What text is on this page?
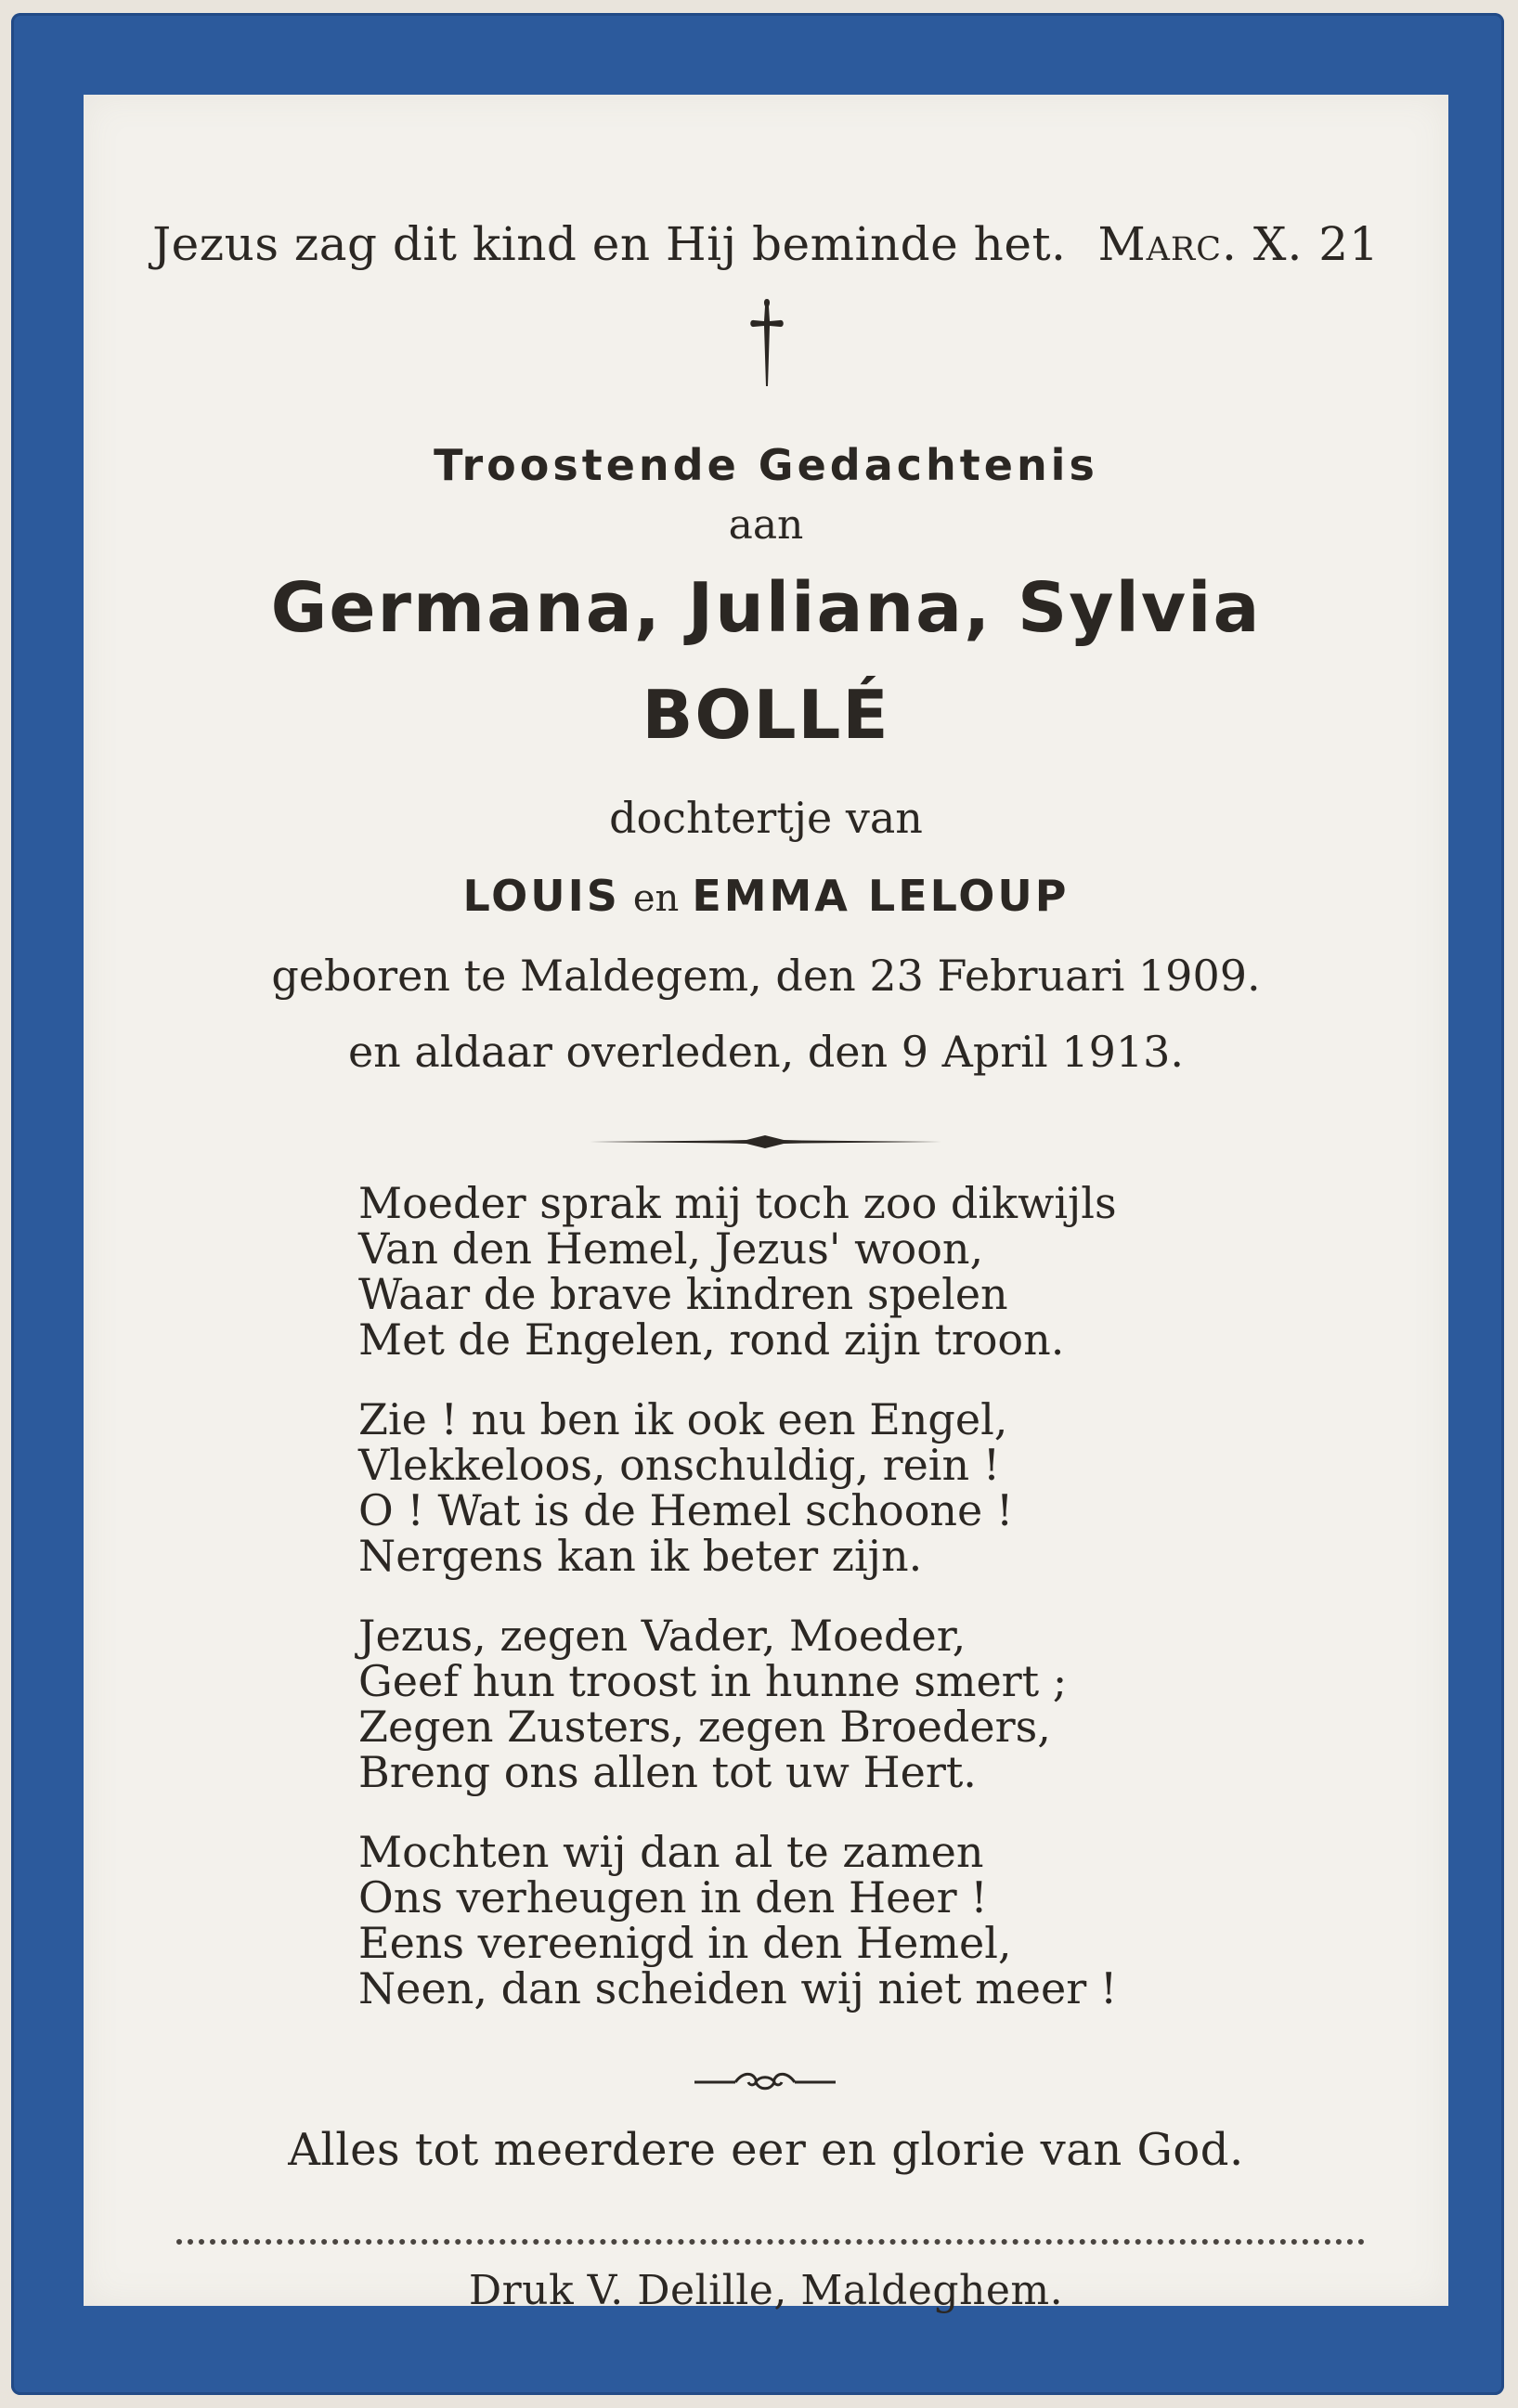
Jezus zag dit kind en Hij beminde het. Marc. X. 21
Troostende Gedachtenis
aan
Germana, Juliana, Sylvia
BOLLÉ
dochtertje van
LOUIS en EMMA LELOUP
geboren te Maldegem, den 23 Februari 1909.
en aldaar overleden, den 9 April 1913.
Moeder sprak mij toch zoo dikwijls
Van den Hemel, Jezus' woon,
Waar de brave kindren spelen
Met de Engelen, rond zijn troon.
Zie ! nu ben ik ook een Engel,
Vlekkeloos, onschuldig, rein !
O ! Wat is de Hemel schoone !
Nergens kan ik beter zijn.
Jezus, zegen Vader, Moeder,
Geef hun troost in hunne smert ;
Zegen Zusters, zegen Broeders,
Breng ons allen tot uw Hert.
Mochten wij dan al te zamen
Ons verheugen in den Heer !
Eens vereenigd in den Hemel,
Neen, dan scheiden wij niet meer !
Alles tot meerdere eer en glorie van God.
Druk V. Delille, Maldeghem.
